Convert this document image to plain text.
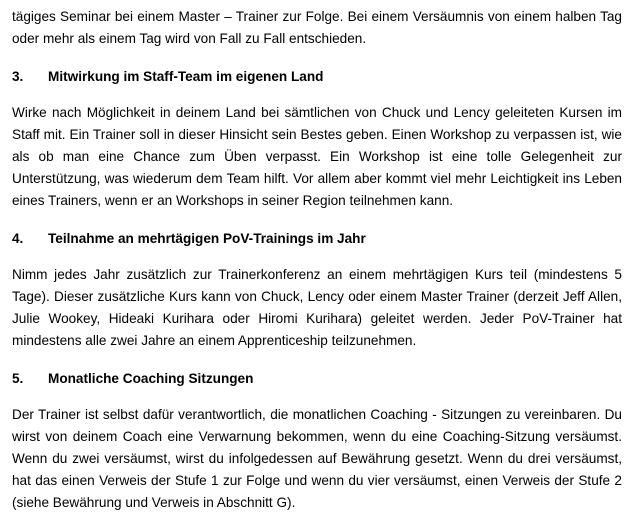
tägiges Seminar bei einem Master – Trainer zur Folge. Bei einem Versäumnis von einem halben Tag oder mehr als einem Tag wird von Fall zu Fall entschieden.

3.	Mitwirkung im Staff-Team im eigenen Land

Wirke nach Möglichkeit in deinem Land bei sämtlichen von Chuck und Lency geleiteten Kursen im Staff mit. Ein Trainer soll in dieser Hinsicht sein Bestes geben. Einen Workshop zu verpassen ist, wie als ob man eine Chance zum Üben verpasst. Ein Workshop ist eine tolle Gelegenheit zur Unterstützung, was wiederum dem Team hilft. Vor allem aber kommt viel mehr Leichtigkeit ins Leben eines Trainers, wenn er an Workshops in seiner Region teilnehmen kann.

4.	Teilnahme an mehrtägigen PoV-Trainings im Jahr

Nimm jedes Jahr zusätzlich zur Trainerkonferenz an einem mehrtägigen Kurs teil (mindestens 5 Tage). Dieser zusätzliche Kurs kann von Chuck, Lency oder einem Master Trainer (derzeit Jeff Allen, Julie Wookey, Hideaki Kurihara oder Hiromi Kurihara) geleitet werden. Jeder PoV-Trainer hat mindestens alle zwei Jahre an einem Apprenticeship teilzunehmen.

5.	Monatliche Coaching Sitzungen

Der Trainer ist selbst dafür verantwortlich, die monatlichen Coaching - Sitzungen zu vereinbaren. Du wirst von deinem Coach eine Verwarnung bekommen, wenn du eine Coaching-Sitzung versäumst. Wenn du zwei versäumst, wirst du infolgedessen auf Bewährung gesetzt. Wenn du drei versäumst, hat das einen Verweis der Stufe 1 zur Folge und wenn du vier versäumst, einen Verweis der Stufe 2 (siehe Bewährung und Verweis in Abschnitt G).
